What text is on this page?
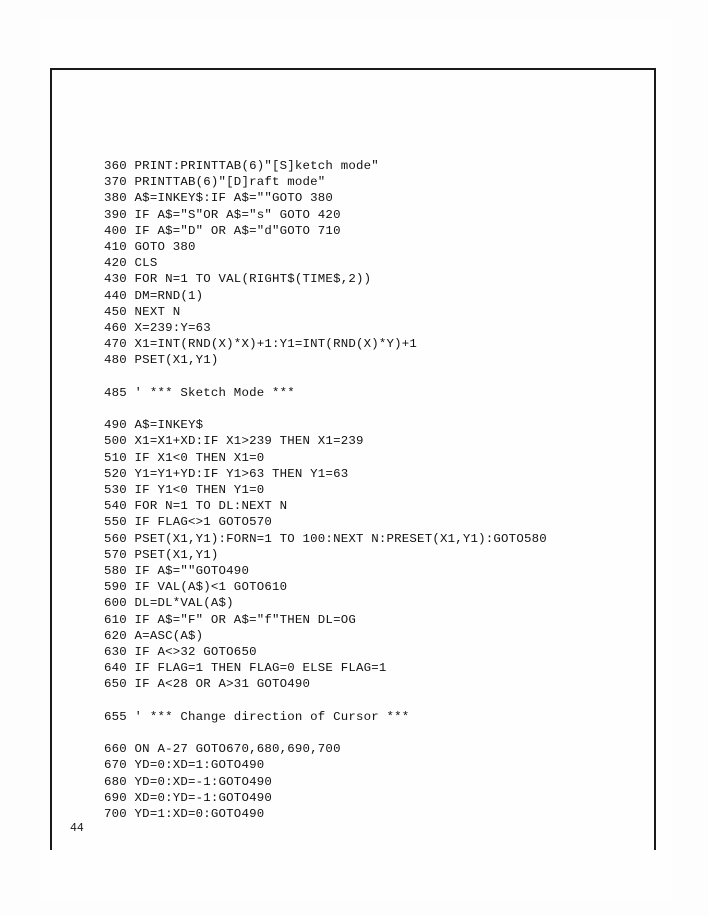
360 PRINT:PRINTTAB(6)"[S]ketch mode"
370 PRINTTAB(6)"[D]raft mode"
380 A$=INKEY$:IF A$=""GOTO 380
390 IF A$="S"OR A$="s" GOTO 420
400 IF A$="D" OR A$="d"GOTO 710
410 GOTO 380
420 CLS
430 FOR N=1 TO VAL(RIGHT$(TIME$,2))
440 DM=RND(1)
450 NEXT N
460 X=239:Y=63
470 X1=INT(RND(X)*X)+1:Y1=INT(RND(X)*Y)+1
480 PSET(X1,Y1)
485 ' *** Sketch Mode ***
490 A$=INKEY$
500 X1=X1+XD:IF X1>239 THEN X1=239
510 IF X1<0 THEN X1=0
520 Y1=Y1+YD:IF Y1>63 THEN Y1=63
530 IF Y1<0 THEN Y1=0
540 FOR N=1 TO DL:NEXT N
550 IF FLAG<>1 GOTO570
560 PSET(X1,Y1):FORN=1 TO 100:NEXT N:PRESET(X1,Y1):GOTO580
570 PSET(X1,Y1)
580 IF A$=""GOTO490
590 IF VAL(A$)<1 GOTO610
600 DL=DL*VAL(A$)
610 IF A$="F" OR A$="f"THEN DL=OG
620 A=ASC(A$)
630 IF A<>32 GOTO650
640 IF FLAG=1 THEN FLAG=0 ELSE FLAG=1
650 IF A<28 OR A>31 GOTO490
655 ' *** Change direction of Cursor ***
660 ON A-27 GOTO670,680,690,700
670 YD=0:XD=1:GOTO490
680 YD=0:XD=-1:GOTO490
690 XD=0:YD=-1:GOTO490
700 YD=1:XD=0:GOTO490
44
